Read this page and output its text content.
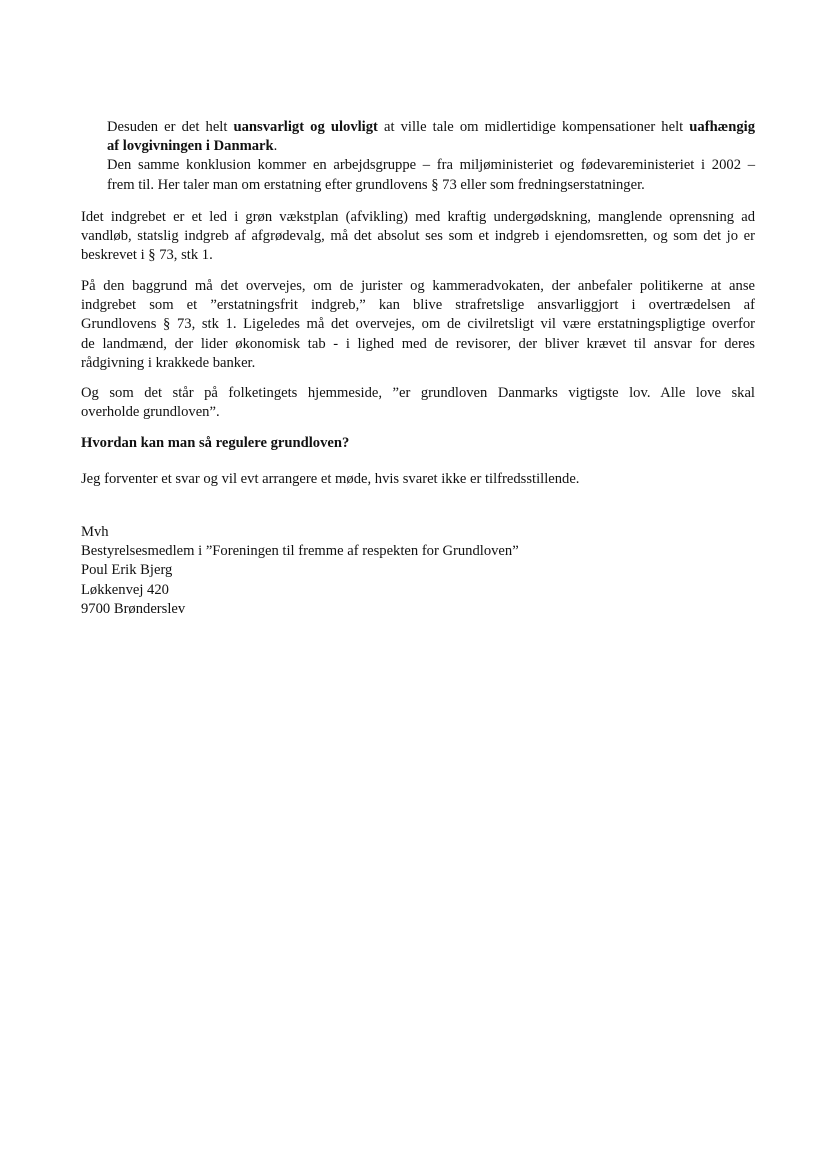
Desuden er det helt uansvarligt og ulovligt at ville tale om midlertidige kompensationer helt uafhængig
af lovgivningen i Danmark.
Den samme konklusion kommer en arbejdsgruppe – fra miljøministeriet og fødevareministeriet i 2002 –
frem til. Her taler man om erstatning efter grundlovens § 73 eller som fredningserstatninger.
Idet indgrebet er et led i grøn vækstplan (afvikling) med kraftig undergødskning, manglende oprensning ad
vandløb, statslig indgreb af afgrødevalg, må det absolut ses som et indgreb i ejendomsretten, og som det jo er
beskrevet i § 73, stk 1.
På den baggrund må det overvejes, om de jurister og kammeradvokaten, der anbefaler politikerne at anse
indgrebet som et ”erstatningsfrit indgreb,” kan blive strafretslige ansvarliggjort i overtrædelsen af
Grundlovens § 73, stk 1. Ligeledes må det overvejes, om de civilretsligt vil være erstatningspligtige overfor
de landmænd, der lider økonomisk tab - i lighed med de revisorer, der bliver krævet til ansvar for deres
rådgivning i krakkede banker.
Og som det står på folketingets hjemmeside, ”er grundloven Danmarks vigtigste lov. Alle love skal
overholde grundloven”.
Hvordan kan man så regulere grundloven?
Jeg forventer et svar og vil evt arrangere et møde, hvis svaret ikke er tilfredsstillende.
Mvh
Bestyrelsesmedlem i ”Foreningen til fremme af respekten for Grundloven”
Poul Erik Bjerg
Løkkenvej 420
9700 Brønderslev
